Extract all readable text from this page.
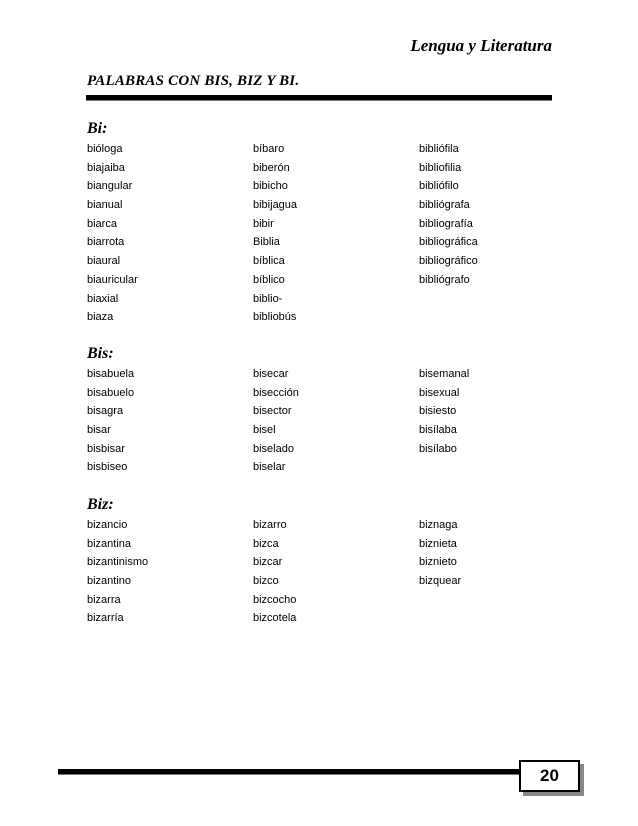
Lengua y Literatura
PALABRAS CON BIS, BIZ Y BI.
Bi:
bióloga	bíbaro	bibliófila
biajaiba	biberón	bibliofilia
biangular	bibicho	bibliófilo
bianual	bibijagua	bibliógrafa
biarca	bibir	bibliografía
biarrota	Biblia	bibliográfica
biaural	bíblica	bibliográfico
biauricular	bíblico	bibliógrafo
biaxial	biblio-
biaza	bibliobús
Bis:
bisabuela	bisecar	bisemanal
bisabuelo	bisección	bisexual
bisagra	bisector	bisiesto
bisar	bisel	bisílaba
bisbisar	biselado	bisílabo
bisbiseo	biselar
Biz:
bizancio	bizarro	biznaga
bizantina	bizca	biznieta
bizantinismo	bizcar	biznieto
bizantino	bizco	bizquear
bizarra	bizcocho
bizarría	bizcotela
20
